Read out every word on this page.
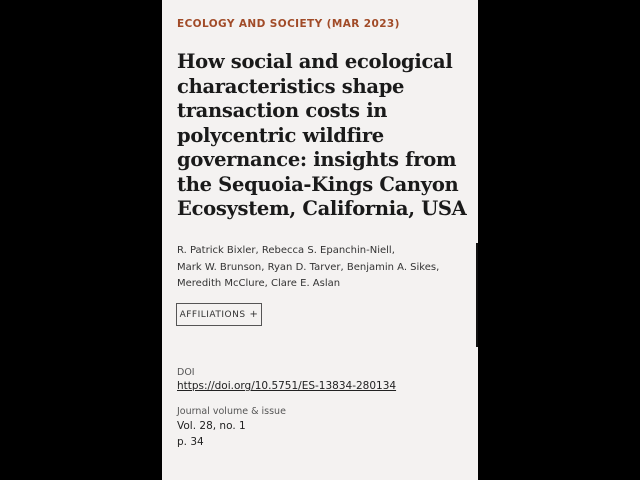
ECOLOGY AND SOCIETY (MAR 2023)
How social and ecological characteristics shape transaction costs in polycentric wildfire governance: insights from the Sequoia-Kings Canyon Ecosystem, California, USA
R. Patrick Bixler, Rebecca S. Epanchin-Niell,
Mark W. Brunson, Ryan D. Tarver, Benjamin A. Sikes,
Meredith McClure, Clare E. Aslan
AFFILIATIONS +
DOI
https://doi.org/10.5751/ES-13834-280134
Journal volume & issue
Vol. 28, no. 1
p. 34
